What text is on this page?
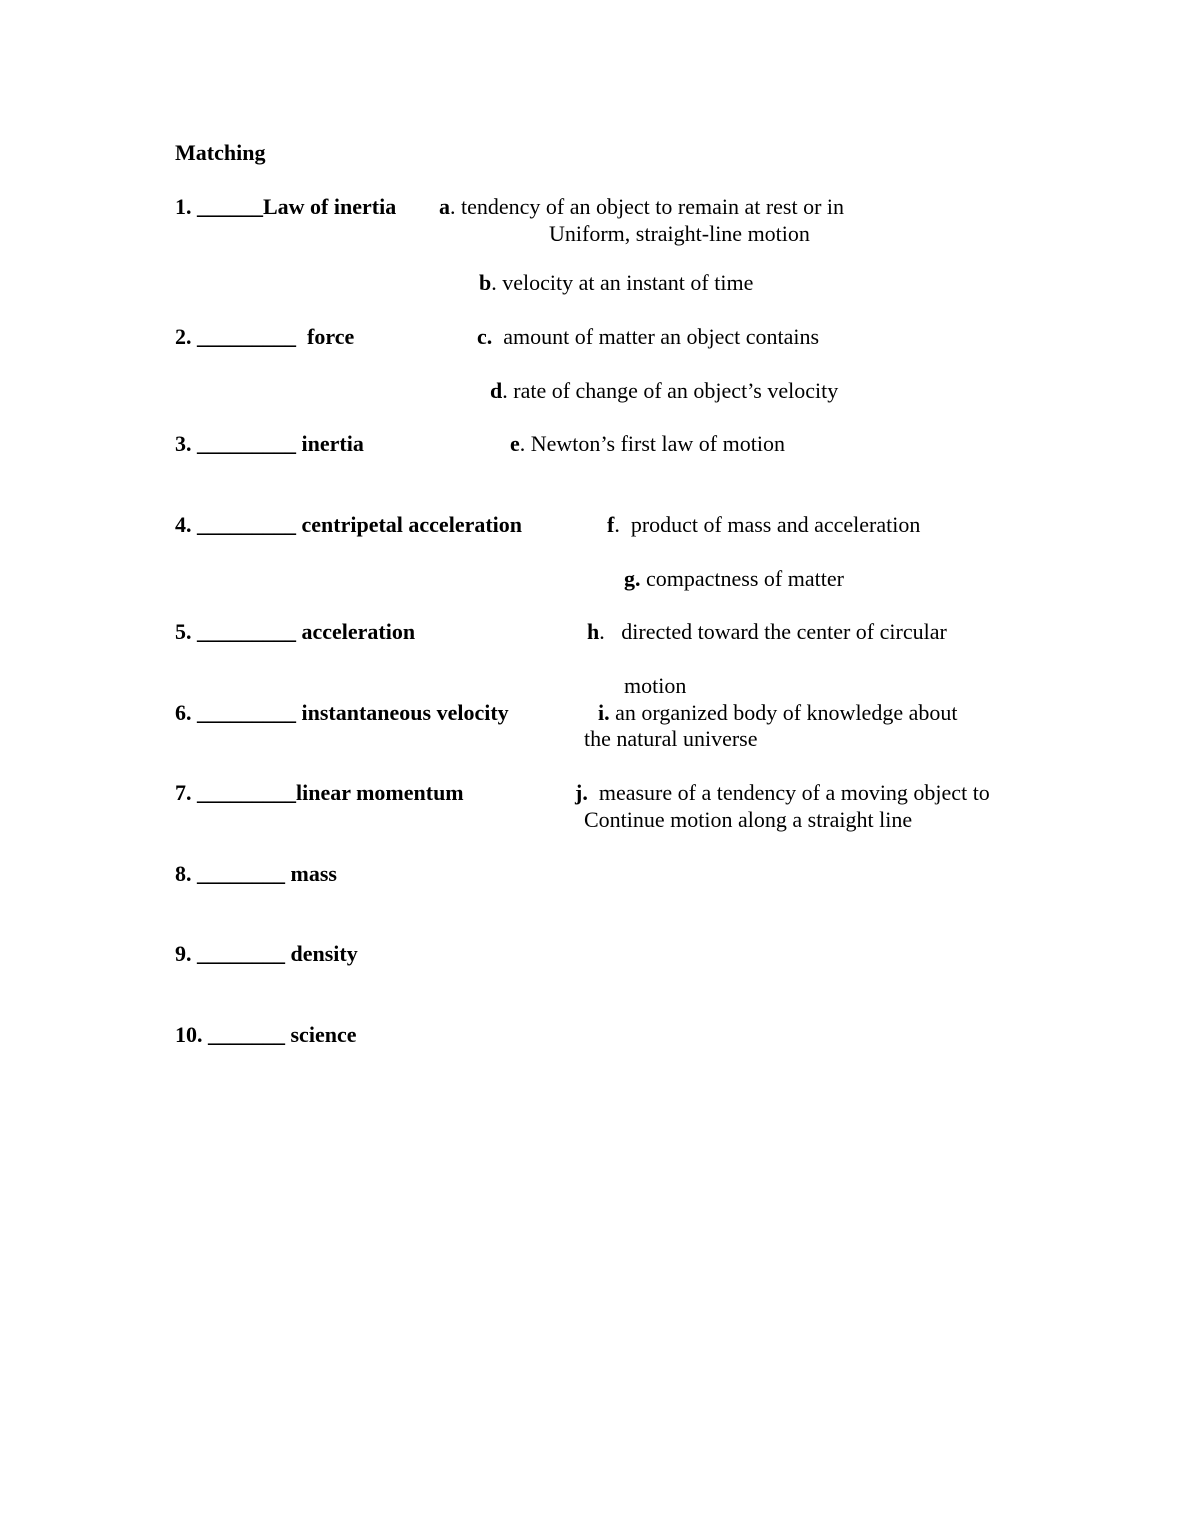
Matching
1. ______Law of inertia
2. _________  force
3. _________ inertia
4. _________ centripetal acceleration
5. _________ acceleration
6. _________ instantaneous velocity
7. _________linear momentum
8. ________ mass
9. ________ density
10. _______ science
a. tendency of an object to remain at rest or in
Uniform, straight-line motion
b. velocity at an instant of time
c.  amount of matter an object contains
d. rate of change of an object’s velocity
e. Newton’s first law of motion
f.  product of mass and acceleration
g. compactness of matter
h.   directed toward the center of circular
motion
i. an organized body of knowledge about
the natural universe
j.  measure of a tendency of a moving object to
Continue motion along a straight line
